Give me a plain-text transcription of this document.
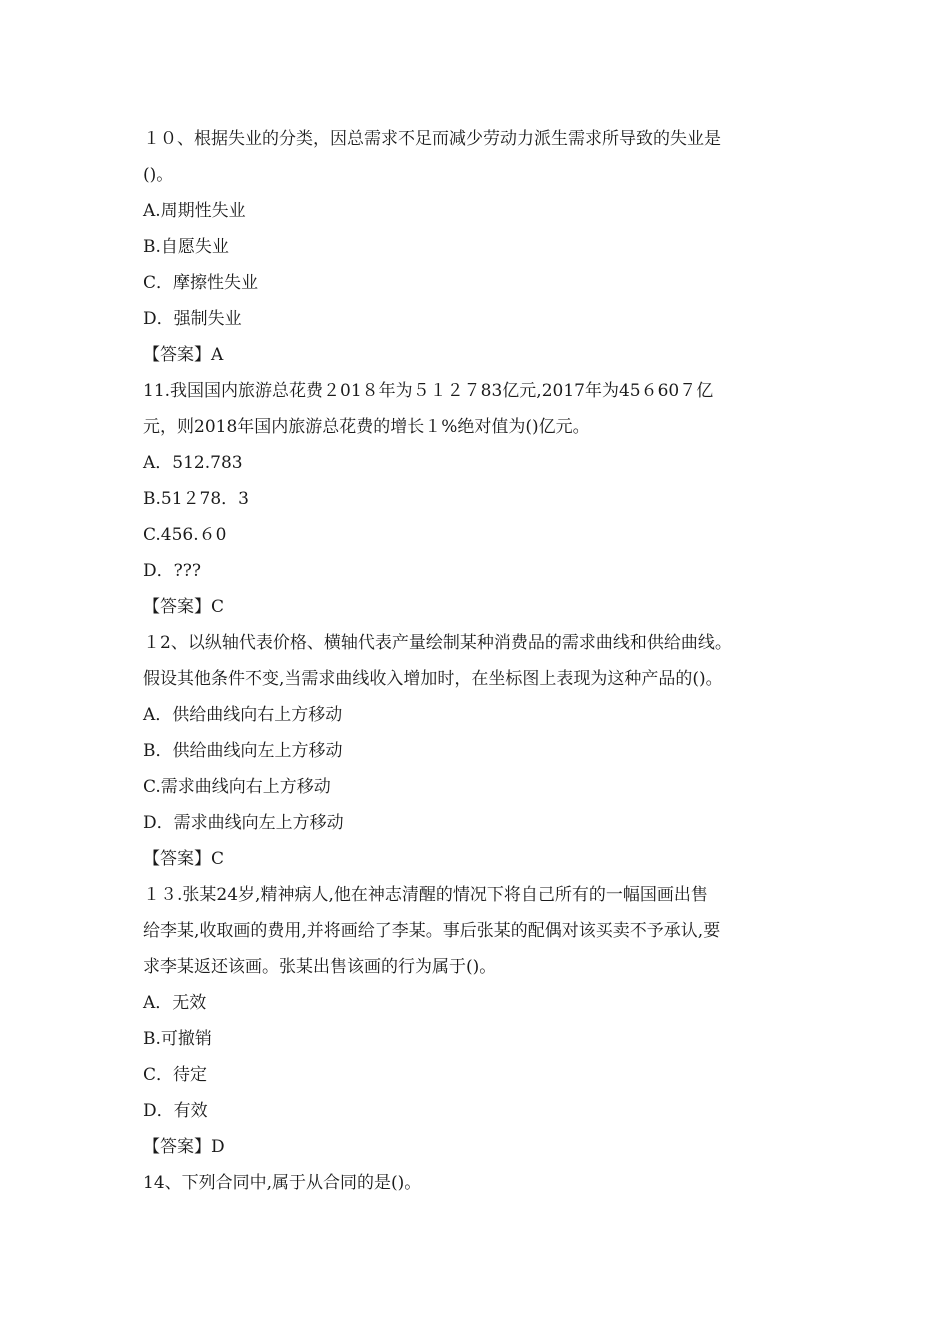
１０、根据失业的分类，因总需求不足而减少劳动力派生需求所导致的失业是
()。
A.周期性失业
B.自愿失业
C．摩擦性失业
D．强制失业
【答案】A
11.我国国内旅游总花费２01８年为５１２７83亿元,2017年为45６60７亿
元，则2018年国内旅游总花费的增长１%绝对值为()亿元。
A．512.783
B.51２78．3
C.456.６0
D．???
【答案】C
１2、以纵轴代表价格、横轴代表产量绘制某种消费品的需求曲线和供给曲线。
假设其他条件不变,当需求曲线收入增加时，在坐标图上表现为这种产品的()。
A．供给曲线向右上方移动
B．供给曲线向左上方移动
C.需求曲线向右上方移动
D．需求曲线向左上方移动
【答案】C
１３.张某24岁,精神病人,他在神志清醒的情况下将自己所有的一幅国画出售
给李某,收取画的费用,并将画给了李某。事后张某的配偶对该买卖不予承认,要
求李某返还该画。张某出售该画的行为属于()。
A．无效
B.可撤销
C．待定
D．有效
【答案】D
14、下列合同中,属于从合同的是()。
